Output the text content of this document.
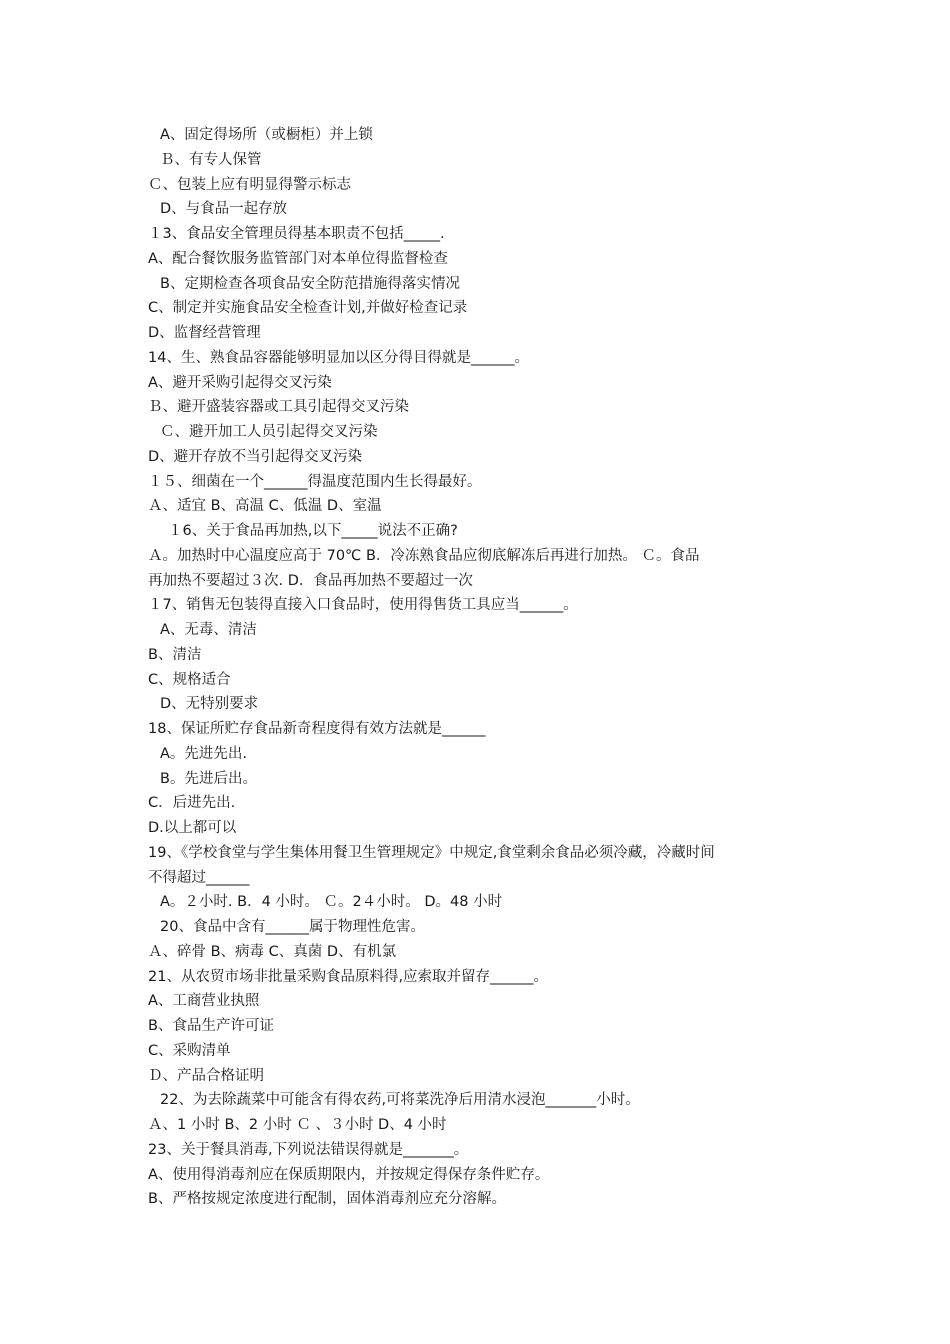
A、固定得场所（或橱柜）并上锁
Ｂ、有专人保管
Ｃ、包装上应有明显得警示标志
D、与食品一起存放
１3、食品安全管理员得基本职责不包括_____.
A、配合餐饮服务监管部门对本单位得监督检查
B、定期检查各项食品安全防范措施得落实情况
C、制定并实施食品安全检查计划,并做好检查记录
D、监督经营管理
14、生、熟食品容器能够明显加以区分得目得就是______。
A、避开采购引起得交叉污染
Ｂ、避开盛装容器或工具引起得交叉污染
Ｃ、避开加工人员引起得交叉污染
D、避开存放不当引起得交叉污染
１５、细菌在一个______得温度范围内生长得最好。
Ａ、适宜 B、高温 C、低温 D、室温
１6、关于食品再加热,以下_____说法不正确?
Ａ。加热时中心温度应高于 70℃ B．冷冻熟食品应彻底解冻后再进行加热。 Ｃ。食品
再加热不要超过３次. D．食品再加热不要超过一次
１7、销售无包装得直接入口食品时，使用得售货工具应当______。
A、无毒、清洁
B、清洁
C、规格适合
D、无特别要求
18、保证所贮存食品新奇程度得有效方法就是______
A。先进先出.
B。先进后出。
C．后进先出.
D.以上都可以
19、《学校食堂与学生集体用餐卫生管理规定》中规定,食堂剩余食品必须冷藏，冷藏时间
不得超过______
A。２小时. B．4 小时。 Ｃ。2４小时。 D。48 小时
20、食品中含有______属于物理性危害。
Ａ、碎骨 B、病毒 C、真菌 D、有机氯
21、从农贸市场非批量采购食品原料得,应索取并留存______。
A、工商营业执照
B、食品生产许可证
C、采购清单
Ｄ、产品合格证明
22、为去除蔬菜中可能含有得农药,可将菜洗净后用清水浸泡_______小时。
Ａ、1 小时 B、2 小时 Ｃ 、３小时 D、4 小时
23、关于餐具消毒,下列说法错误得就是_______。
A、使用得消毒剂应在保质期限内，并按规定得保存条件贮存。
B、严格按规定浓度进行配制，固体消毒剂应充分溶解。
